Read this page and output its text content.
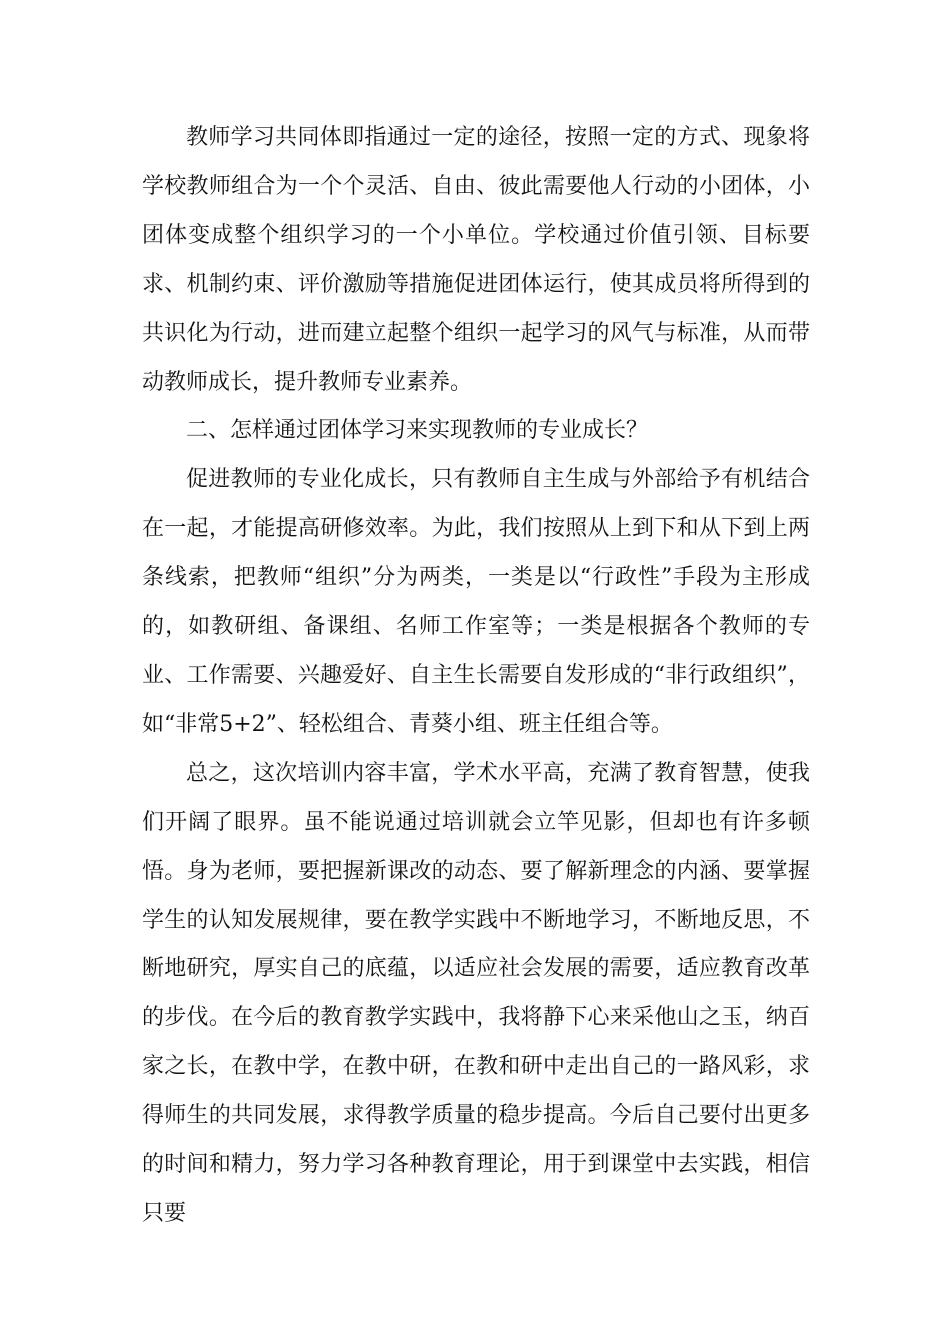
教师学习共同体即指通过一定的途径，按照一定的方式、现象将学校教师组合为一个个灵活、自由、彼此需要他人行动的小团体，小团体变成整个组织学习的一个小单位。学校通过价值引领、目标要求、机制约束、评价激励等措施促进团体运行，使其成员将所得到的共识化为行动，进而建立起整个组织一起学习的风气与标准，从而带动教师成长，提升教师专业素养。

二、怎样通过团体学习来实现教师的专业成长？

促进教师的专业化成长，只有教师自主生成与外部给予有机结合在一起，才能提高研修效率。为此，我们按照从上到下和从下到上两条线索，把教师“组织”分为两类，一类是以“行政性”手段为主形成的，如教研组、备课组、名师工作室等；一类是根据各个教师的专业、工作需要、兴趣爱好、自主生长需要自发形成的“非行政组织”，如“非常5+2”、轻松组合、青葵小组、班主任组合等。

总之，这次培训内容丰富，学术水平高，充满了教育智慧，使我们开阔了眼界。虽不能说通过培训就会立竿见影，但却也有许多顿悟。身为老师，要把握新课改的动态、要了解新理念的内涵、要掌握学生的认知发展规律，要在教学实践中不断地学习，不断地反思，不断地研究，厚实自己的底蕴，以适应社会发展的需要，适应教育改革的步伐。在今后的教育教学实践中，我将静下心来采他山之玉，纳百家之长，在教中学，在教中研，在教和研中走出自己的一路风彩，求得师生的共同发展，求得教学质量的稳步提高。今后自己要付出更多的时间和精力，努力学习各种教育理论，用于到课堂中去实践，相信只要
